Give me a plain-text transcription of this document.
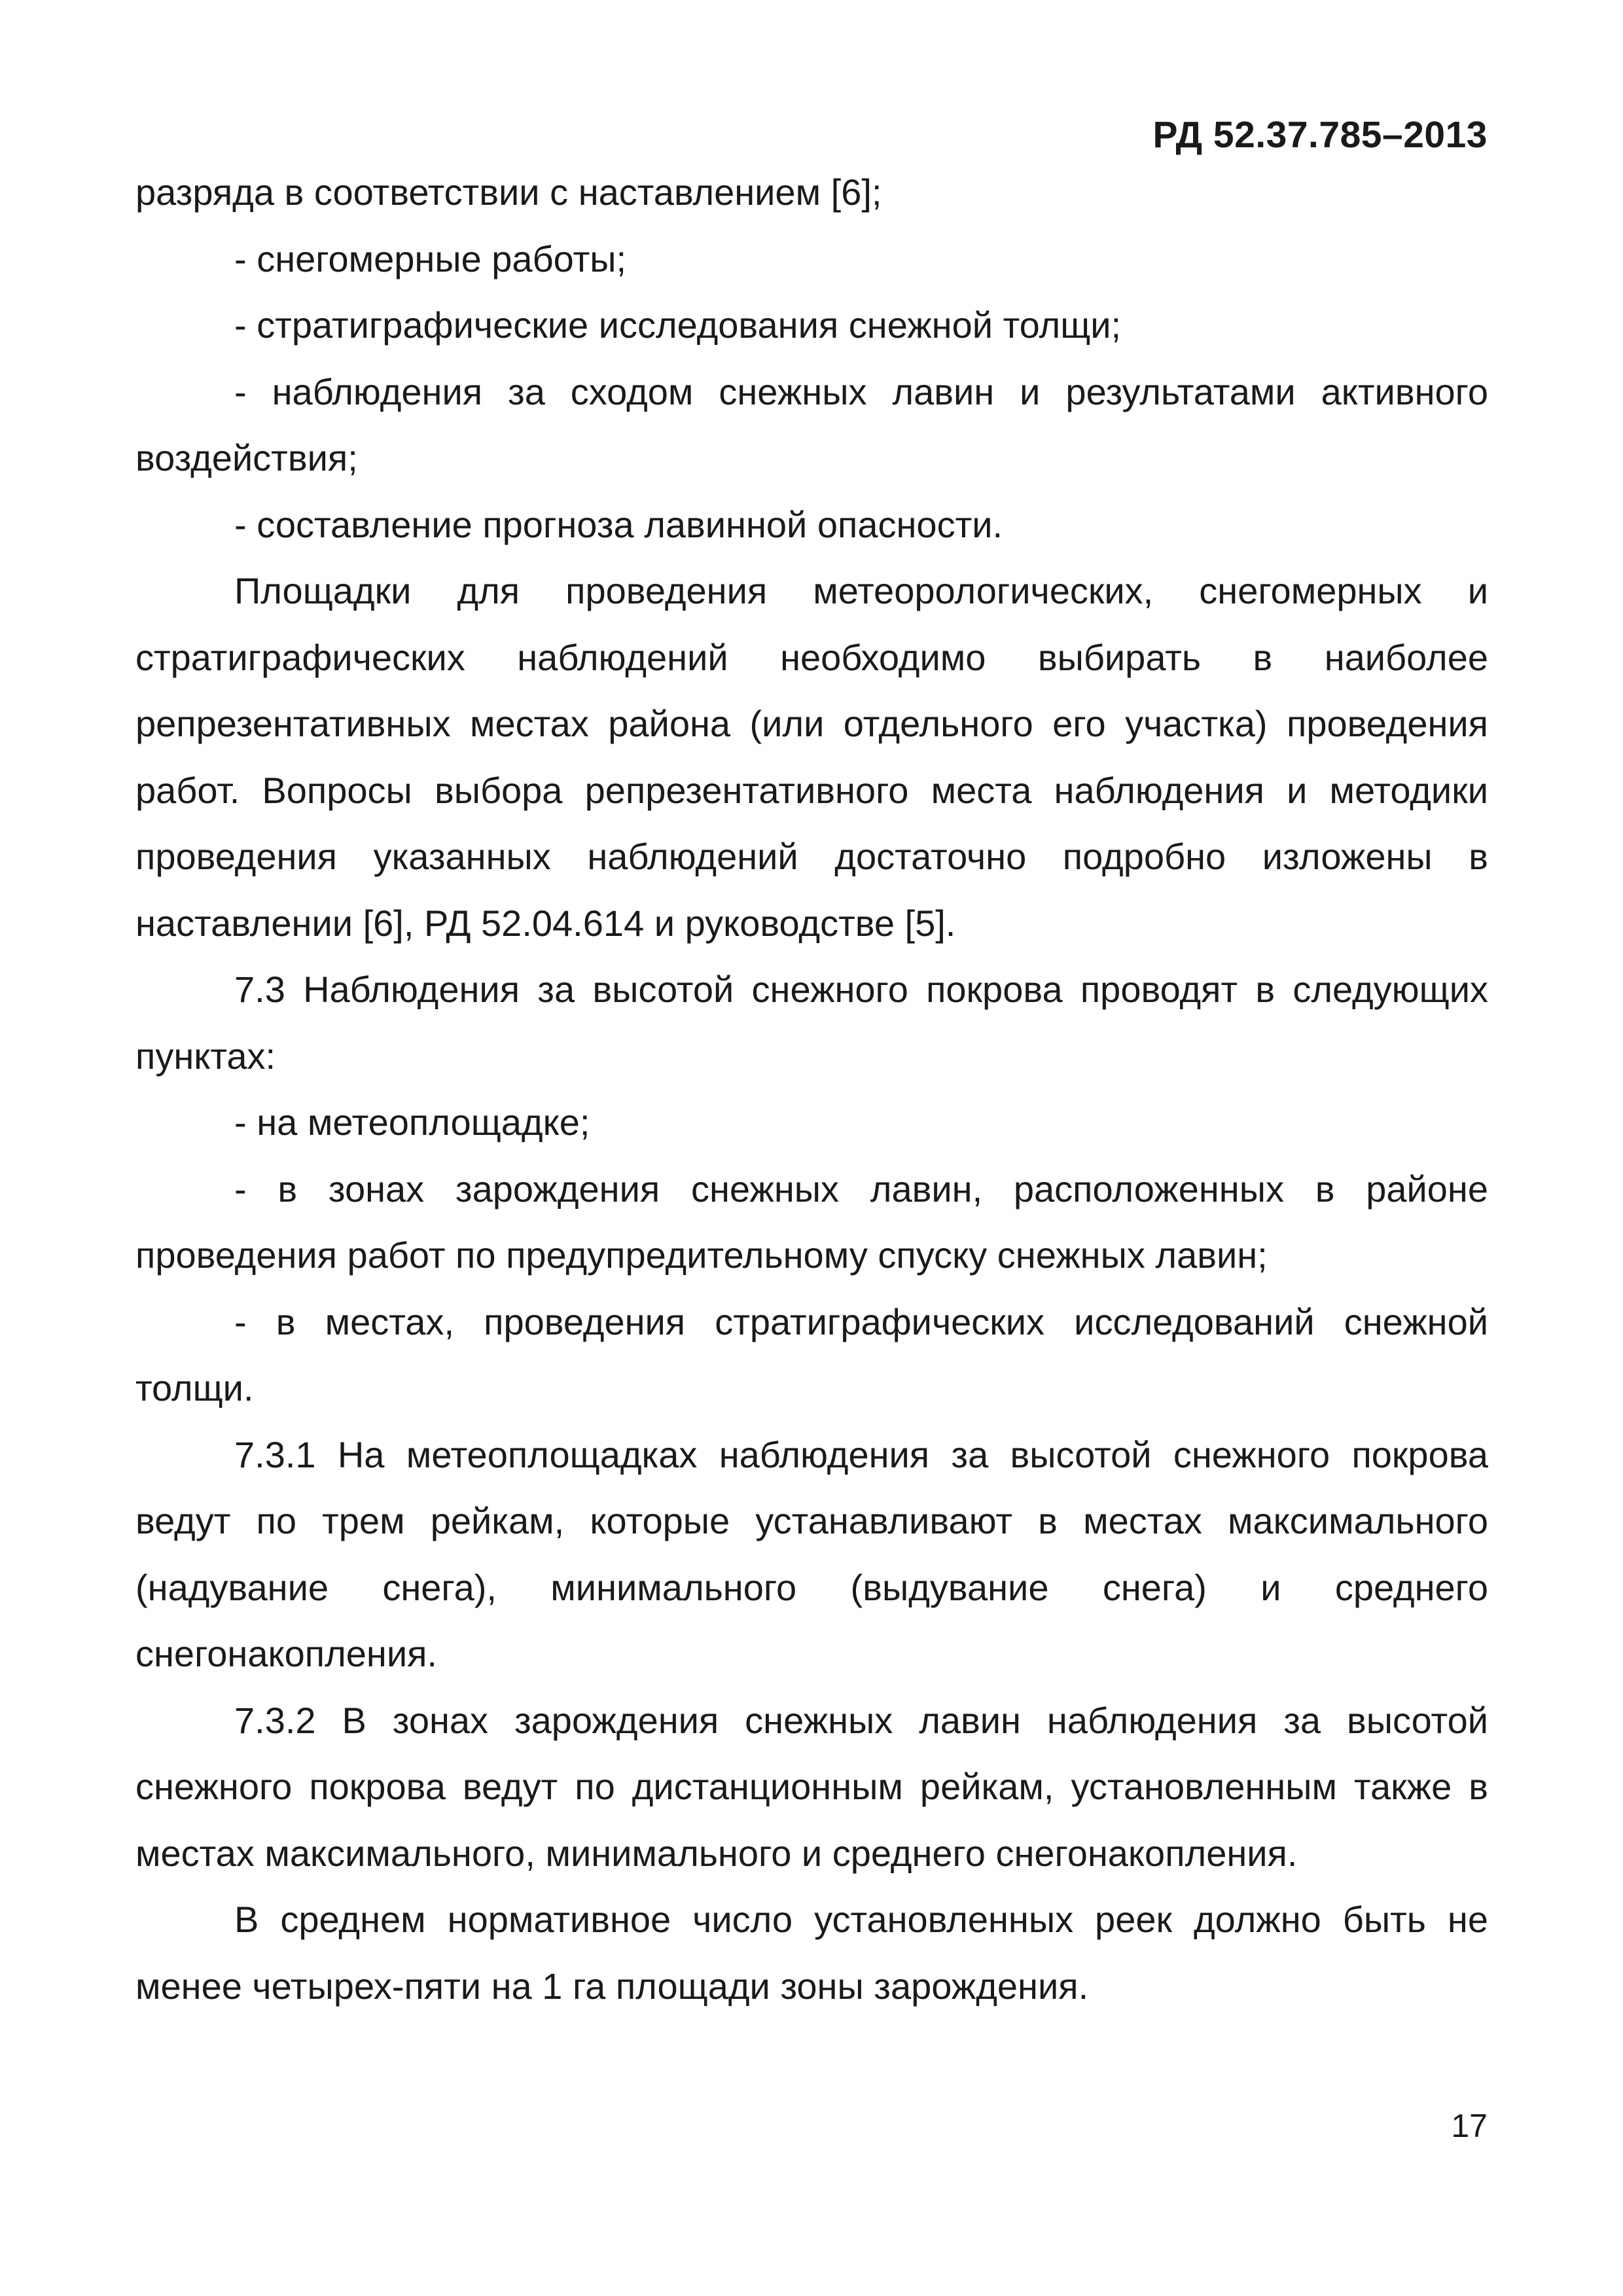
РД 52.37.785–2013

разряда в соответствии с наставлением [6];

- снегомерные работы;

- стратиграфические исследования снежной толщи;

- наблюдения за сходом снежных лавин и результатами активного воздействия;

- составление прогноза лавинной опасности.

Площадки для проведения метеорологических, снегомерных и стратиграфических наблюдений необходимо выбирать в наиболее репрезентативных местах района (или отдельного его участка) проведения работ. Вопросы выбора репрезентативного места наблюдения и методики проведения указанных наблюдений достаточно подробно изложены в наставлении [6], РД 52.04.614 и руководстве [5].

7.3 Наблюдения за высотой снежного покрова проводят в следующих пунктах:

- на метеоплощадке;

- в зонах зарождения снежных лавин, расположенных в районе проведения работ по предупредительному спуску снежных лавин;

- в местах, проведения стратиграфических исследований снежной толщи.

7.3.1 На метеоплощадках наблюдения за высотой снежного покрова ведут по трем рейкам, которые устанавливают в местах максимального (надувание снега), минимального (выдувание снега) и среднего снегонакопления.

7.3.2 В зонах зарождения снежных лавин наблюдения за высотой снежного покрова ведут по дистанционным рейкам, установленным также в местах максимального, минимального и среднего снегонакопления.

В среднем нормативное число установленных реек должно быть не менее четырех-пяти на 1 га площади зоны зарождения.

17
